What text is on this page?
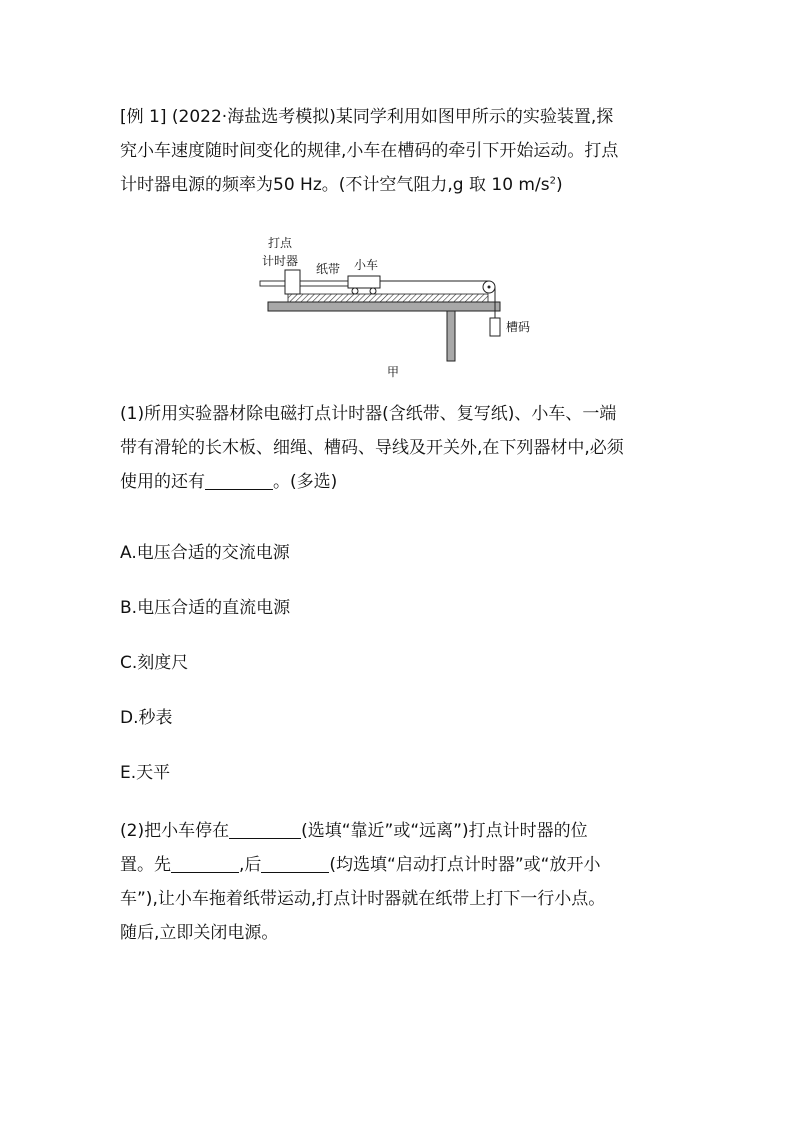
[例 1] (2022·海盐选考模拟)某同学利用如图甲所示的实验装置,探
究小车速度随时间变化的规律,小车在槽码的牵引下开始运动。打点
计时器电源的频率为50 Hz。(不计空气阻力,g 取 10 $m/s^2$)
打点
计时器
纸带 小车
槽码
甲
(1)所用实验器材除电磁打点计时器(含纸带、复写纸)、小车、一端
带有滑轮的长木板、细绳、槽码、导线及开关外,在下列器材中,必须
使用的还有	。(多选)
A.电压合适的交流电源
B.电压合适的直流电源
C.刻度尺
D.秒表
E.天平
(2)把小车停在	(选填“靠近”或“远离”)打点计时器的位
置。先	,后	(均选填“启动打点计时器”或“放开小
车”),让小车拖着纸带运动,打点计时器就在纸带上打下一行小点。
随后,立即关闭电源。
